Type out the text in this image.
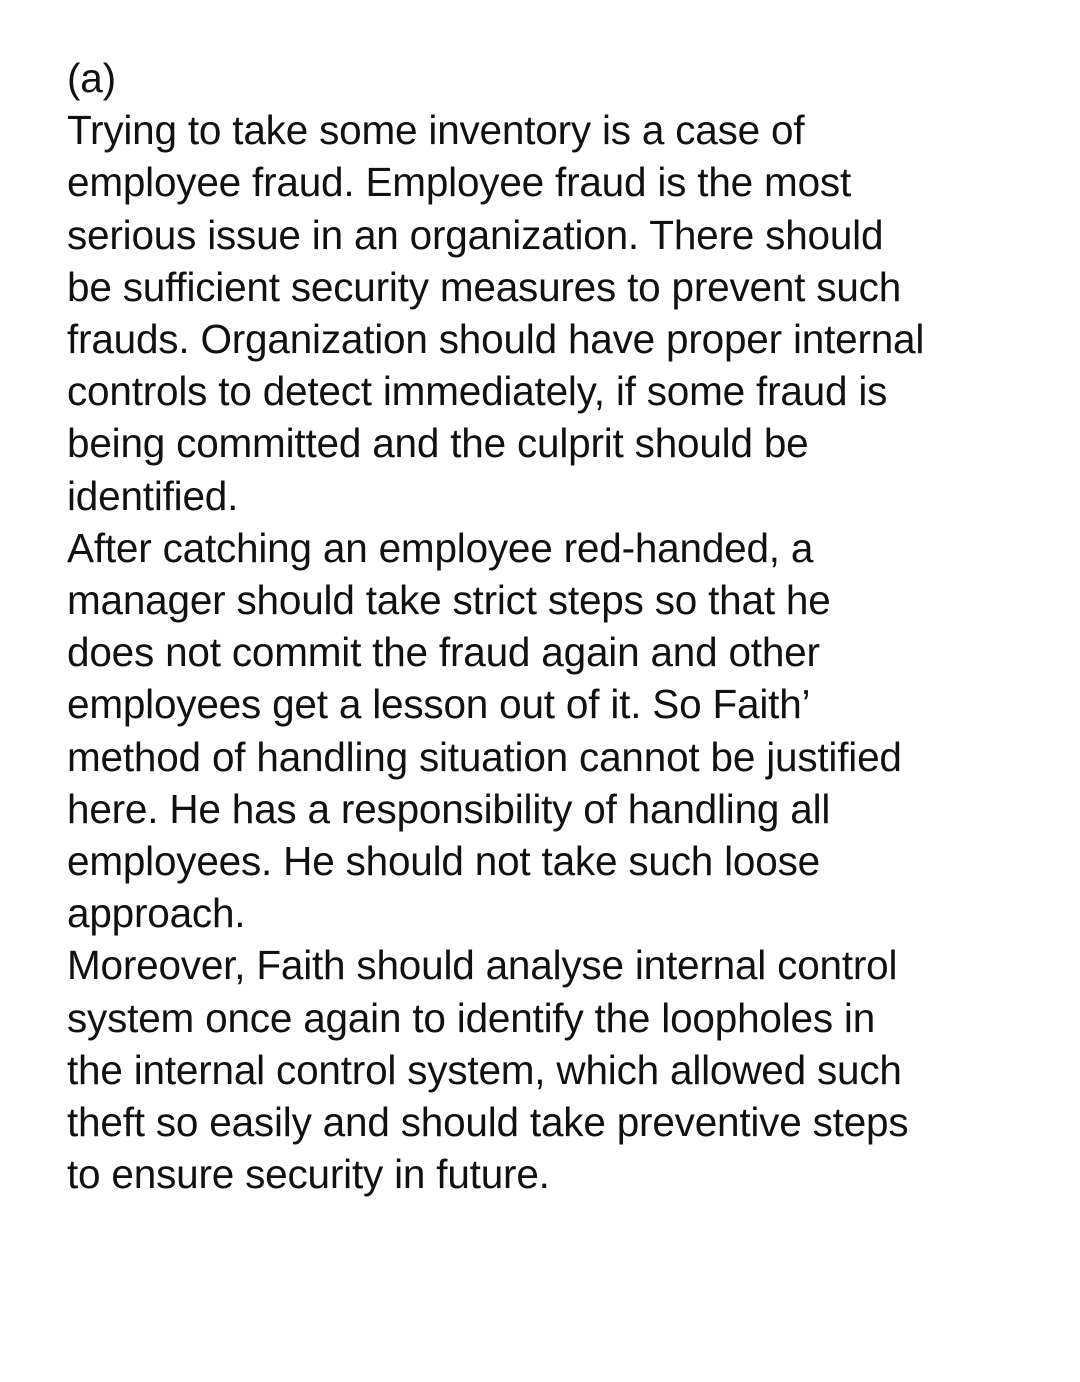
(a)
Trying to take some inventory is a case of
employee fraud. Employee fraud is the most
serious issue in an organization. There should
be sufficient security measures to prevent such
frauds. Organization should have proper internal
controls to detect immediately, if some fraud is
being committed and the culprit should be
identified.
After catching an employee red-handed, a
manager should take strict steps so that he
does not commit the fraud again and other
employees get a lesson out of it. So Faith’
method of handling situation cannot be justified
here. He has a responsibility of handling all
employees. He should not take such loose
approach.
Moreover, Faith should analyse internal control
system once again to identify the loopholes in
the internal control system, which allowed such
theft so easily and should take preventive steps
to ensure security in future.
